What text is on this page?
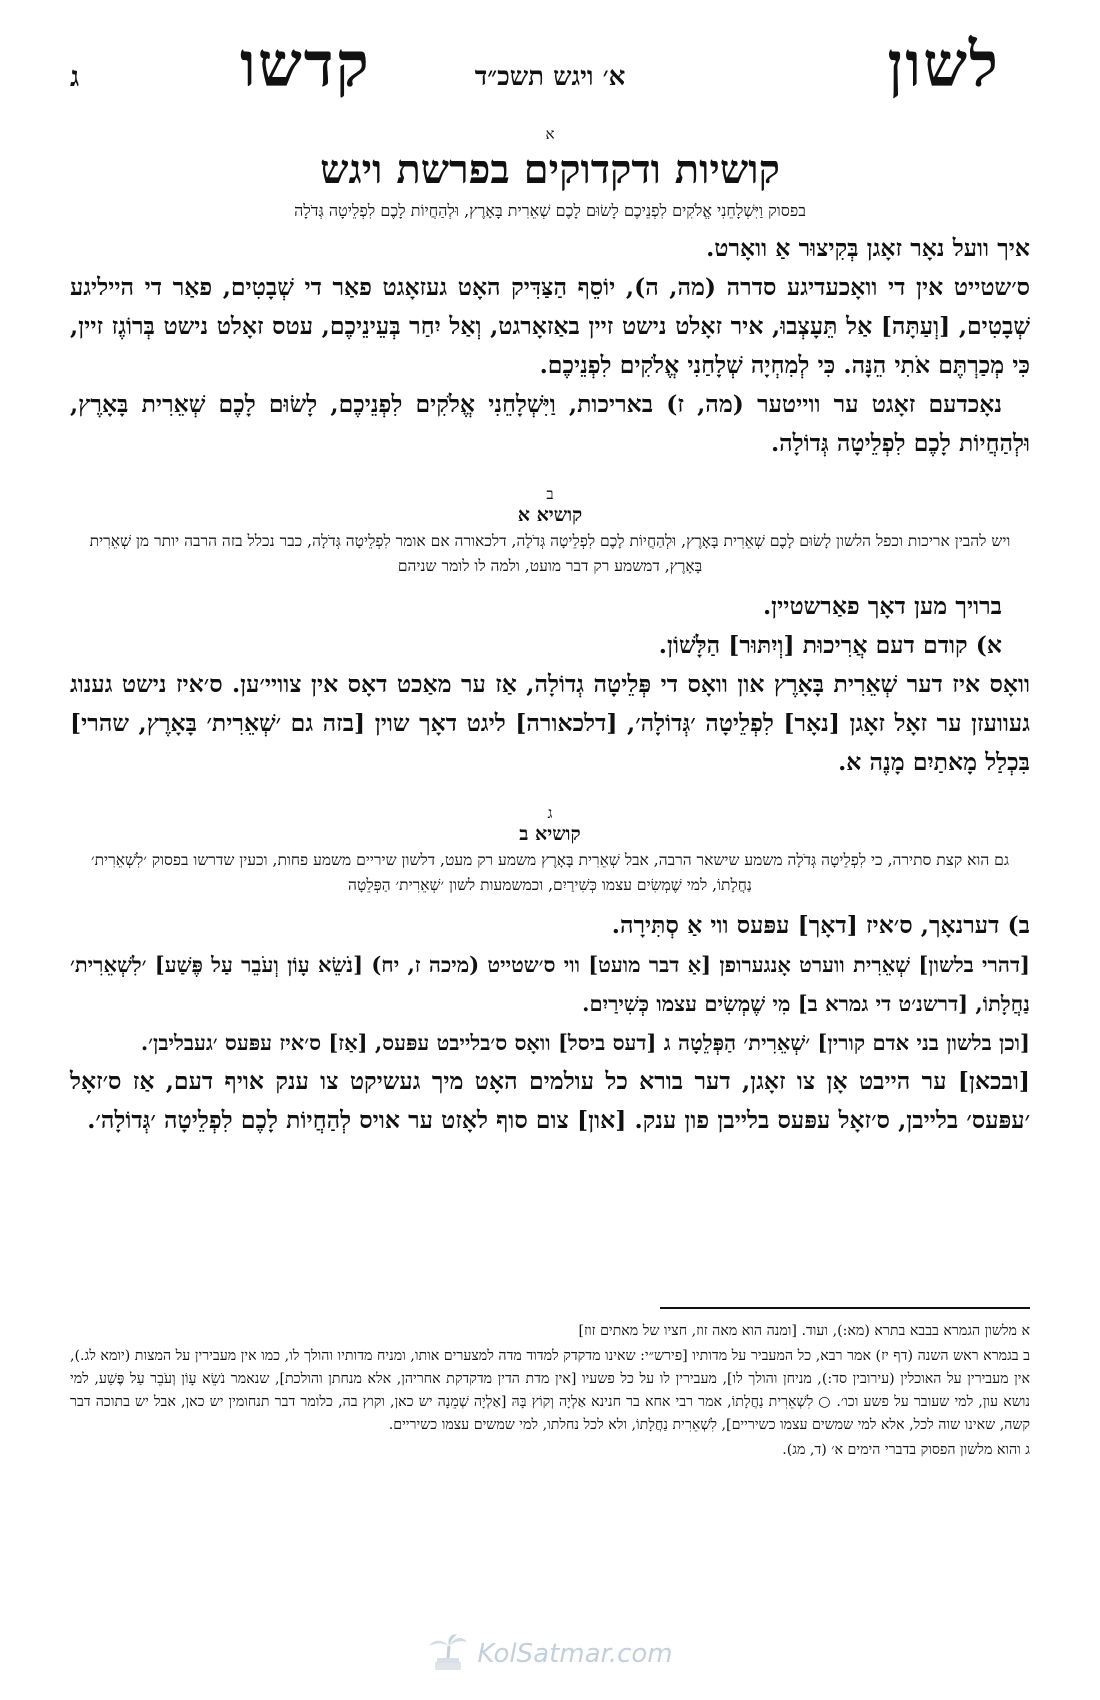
לשון
א׳ ויגש תשכ״ד
קדשו
ג

א

קושיות ודקדוקים בפרשת ויגש

בפסוק וַיִּשְׁלָחֵנִי אֱלֹקִים לִפְנֵיכֶם לָשׂוּם לָכֶם שְׁאֵרִית בָּאָרֶץ, וּלְהַחֲיוֹת לָכֶם לִפְלֵיטָה גְּדֹלָה

איך וועל נאָר זאָגן בְּקִיצוּר אַ וואָרט.

ס׳שטייט אין די וואָכעדיגע סדרה (מה, ה), יוֹסֵף הַצַּדִּיק האָט געזאָגט פאַר די שְׁבָטִים, פאַר די הייליגע שְׁבָטִים, [וְעַתָּה] אַל תֵּעָצְבוּ, איר זאָלט נישט זיין באַזאָרגט, וְאַל יִחַר בְּעֵינֵיכֶם, עטס זאָלט נישט בְּרוֹגֶז זיין, כִּי מְכַרְתֶּם אֹתִי הֵנָּה. כִּי לְמִחְיָה שְׁלָחַנִי אֱלֹקִים לִפְנֵיכֶם.

נאָכדעם זאָגט ער ווייטער (מה, ז) באריכות, וַיִּשְׁלָחֵנִי אֱלֹקִים לִפְנֵיכֶם, לָשׂוּם לָכֶם שְׁאֵרִית בָּאָרֶץ, וּלְהַחֲיוֹת לָכֶם לִפְלֵיטָה גְּדוֹלָה.

ב

קושיא א

ויש להבין אריכות וכפל הלשון לָשׂוּם לָכֶם שְׁאֵרִית בָּאָרֶץ, וּלְהַחֲיוֹת לָכֶם לִפְלֵיטָה גְּדֹלָה, דלכאורה אם אומר לִפְלֵיטָה גְּדֹלָה, כבר נכלל בזה הרבה יותר מן שְׁאֵרִית בָּאָרֶץ, דמשמע רק דבר מועט, ולמה לו לומר שניהם

ברויך מען דאָך פאַרשטיין.

א) קודם דעם אֲרִיכוּת [וְיִתּוּר] הַלָּשׁוֹן.

וואָס איז דער שְׁאֵרִית בָּאָרֶץ און וואָס די פְּלֵיטָה גְדוֹלָה, אַז ער מאַכט דאָס אין צוויי׳ען. ס׳איז נישט גענוג געוועזן ער זאָל זאָגן [נאָר] לִפְלֵיטָה ׳גְּדוֹלָה׳, [דלכאורה] ליגט דאָך שוין [בזה גם ׳שְׁאֵרִית׳ בָּאָרֶץ, שהרי] בִּכְלַל מָאתַיִם מָנֶה א.

ג

קושיא ב

גם הוא קצת סתירה, כי לִפְלֵיטָה גְּדֹלָה משמע שישאר הרבה, אבל שְׁאֵרִית בָּאָרֶץ משמע רק מעט, דלשון שיריים משמע פחות, וכעין שדרשו בפסוק ׳לִשְׁאֵרִית׳ נַחֲלָתוֹ, למי שֶׁמְשִׂים עצמו כְּשִׁירַיִם, וכמשמעות לשון ׳שְׁאֵרִית׳ הַפְּלֵטָה

ב) דערנאָך, ס׳איז [דאָך] עפּעס ווי אַ סְתִּירָה.

[דהרי בלשון] שְׁאֵרִית ווערט אָנגערופן [אַ דבר מועט] ווי ס׳שטייט (מיכה ז, יח) [נֹשֵׂא עָוֹן וְעֹבֵר עַל פֶּשַׁע] ׳לִשְׁאֵרִית׳ נַחֲלָתוֹ, [דרשנ׳ט די גמרא ב] מִי שֶׁמְשִׂים עצמו כְּשִׁירַיִם.

[וכן בלשון בני אדם קורין] ׳שְׁאֵרִית׳ הַפְּלֵטָה ג [דעס ביסל] וואָס ס׳בלייבט עפּעס, [אַז] ס׳איז עפּעס ׳געבליבן׳.

[ובכאן] ער הייבט אָן צו זאָגן, דער בורא כל עולמים האָט מיך געשיקט צו ענק אויף דעם, אַז ס׳זאָל ׳עפּעס׳ בלייבן, ס׳זאָל עפּעס בלייבן פון ענק. [און] צום סוף לאָזט ער אויס לְהַחֲיוֹת לָכֶם לִפְלֵיטָה ׳גְּדוֹלָה׳.

א מלשון הגמרא בבבא בתרא (מא:), ועוד. [ומנה הוא מאה זוז, חציו של מאתים זוז]

ב בגמרא ראש השנה (דף יז) אמר רבא, כל המעביר על מדותיו [פירש״י: שאינו מדקדק למדוד מדה למצערים אותו, ומניח מדותיו והולך לו, כמו אין מעבירין על המצות (יומא לג.), אין מעבירין על האוכלין (עירובין סד:), מניחן והולך לו], מעבירין לו על כל פשעיו [אין מדת הדין מדקדקת אחריהן, אלא מנחתן והולכת], שנאמר נֹשֵׂא עָוֹן וְעֹבֵר עַל פֶּשַׁע, למי נושא עון, למי שעובר על פשע וכו׳. ○ לִשְׁאֵרִית נַחֲלָתוֹ, אמר רבי אחא בר חנינא אַלְיָה וְקוֹץ בָּהּ [אַלְיָה שְׁמֵנָה יש כאן, וקוץ בה, כלומר דבר תנחומין יש כאן, אבל יש בתוכה דבר קשה, שאינו שוה לכל, אלא למי שמשים עצמו כשיריים], לִשְׁאֵרִית נַחֲלָתוֹ, ולא לכל נחלתו, למי שמשים עצמו כשיריים.

ג והוא מלשון הפסוק בדברי הימים א׳ (ד, מג).

KolSatmar.com
